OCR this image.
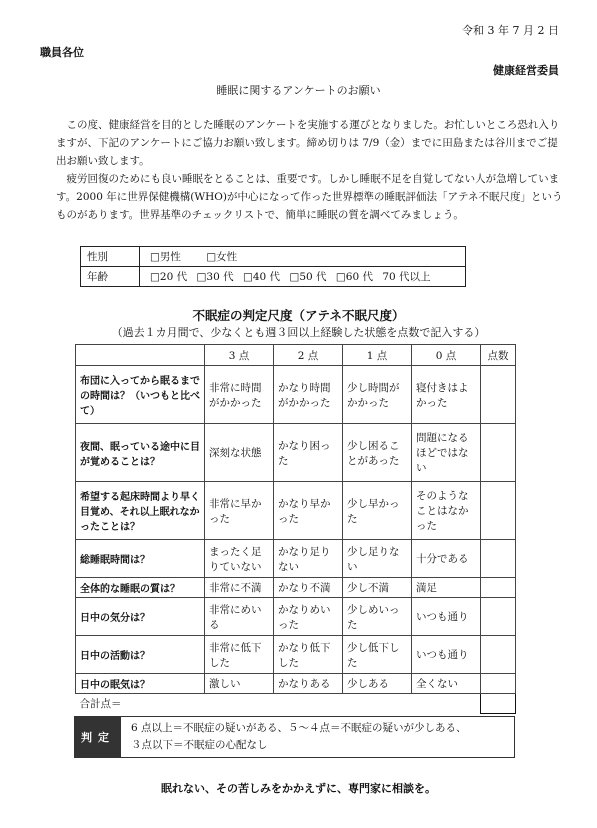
令和 3 年 7 月 2 日
職員各位
健康経営委員
睡眠に関するアンケートのお願い

この度、健康経営を目的とした睡眠のアンケートを実施する運びとなりました。お忙しいところ恐れ入りますが、下記のアンケートにご協力お願い致します。締め切りは 7/9（金）までに田島または谷川までご提出お願い致します。

疲労回復のためにも良い睡眠をとることは、重要です。しかし睡眠不足を自覚してない人が急増しています。2000 年に世界保健機構(WHO)が中心になって作った世界標準の睡眠評価法「アテネ不眠尺度」というものがあります。世界基準のチェックリストで、簡単に睡眠の質を調べてみましょう。

性別	□男性 □女性
年齢	□20 代 □30 代 □40 代 □50 代 □60 代 70 代以上
不眠症の判定尺度（アテネ不眠尺度）
（過去１カ月間で、少なくとも週３回以上経験した状態を点数で記入する）
	3 点	2 点	1 点	0 点	点数
布団に入ってから眠るまでの時間は？（いつもと比べて）	非常に時間がかかった	かなり時間がかかった	少し時間がかかった	寝付きはよかった	
夜間、眠っている途中に目が覚めることは？	深刻な状態	かなり困った	少し困ることがあった	問題になるほどではない	
希望する起床時間より早く目覚め、それ以上眠れなかったことは？	非常に早かった	かなり早かった	少し早かった	そのようなことはなかった	
総睡眠時間は？	まったく足りていない	かなり足りない	少し足りない	十分である	
全体的な睡眠の質は？	非常に不満	かなり不満	少し不満	満足	
日中の気分は？	非常にめいる	かなりめいった	少しめいった	いつも通り	
日中の活動は？	非常に低下した	かなり低下した	少し低下した	いつも通り	
日中の眠気は？	激しい	かなりある	少しある	全くない	
合計点＝					
判定
6 点以上＝不眠症の疑いがある、５～４点＝不眠症の疑いが少しある、
３点以下＝不眠症の心配なし
眠れない、その苦しみをかかえずに、専門家に相談を。
